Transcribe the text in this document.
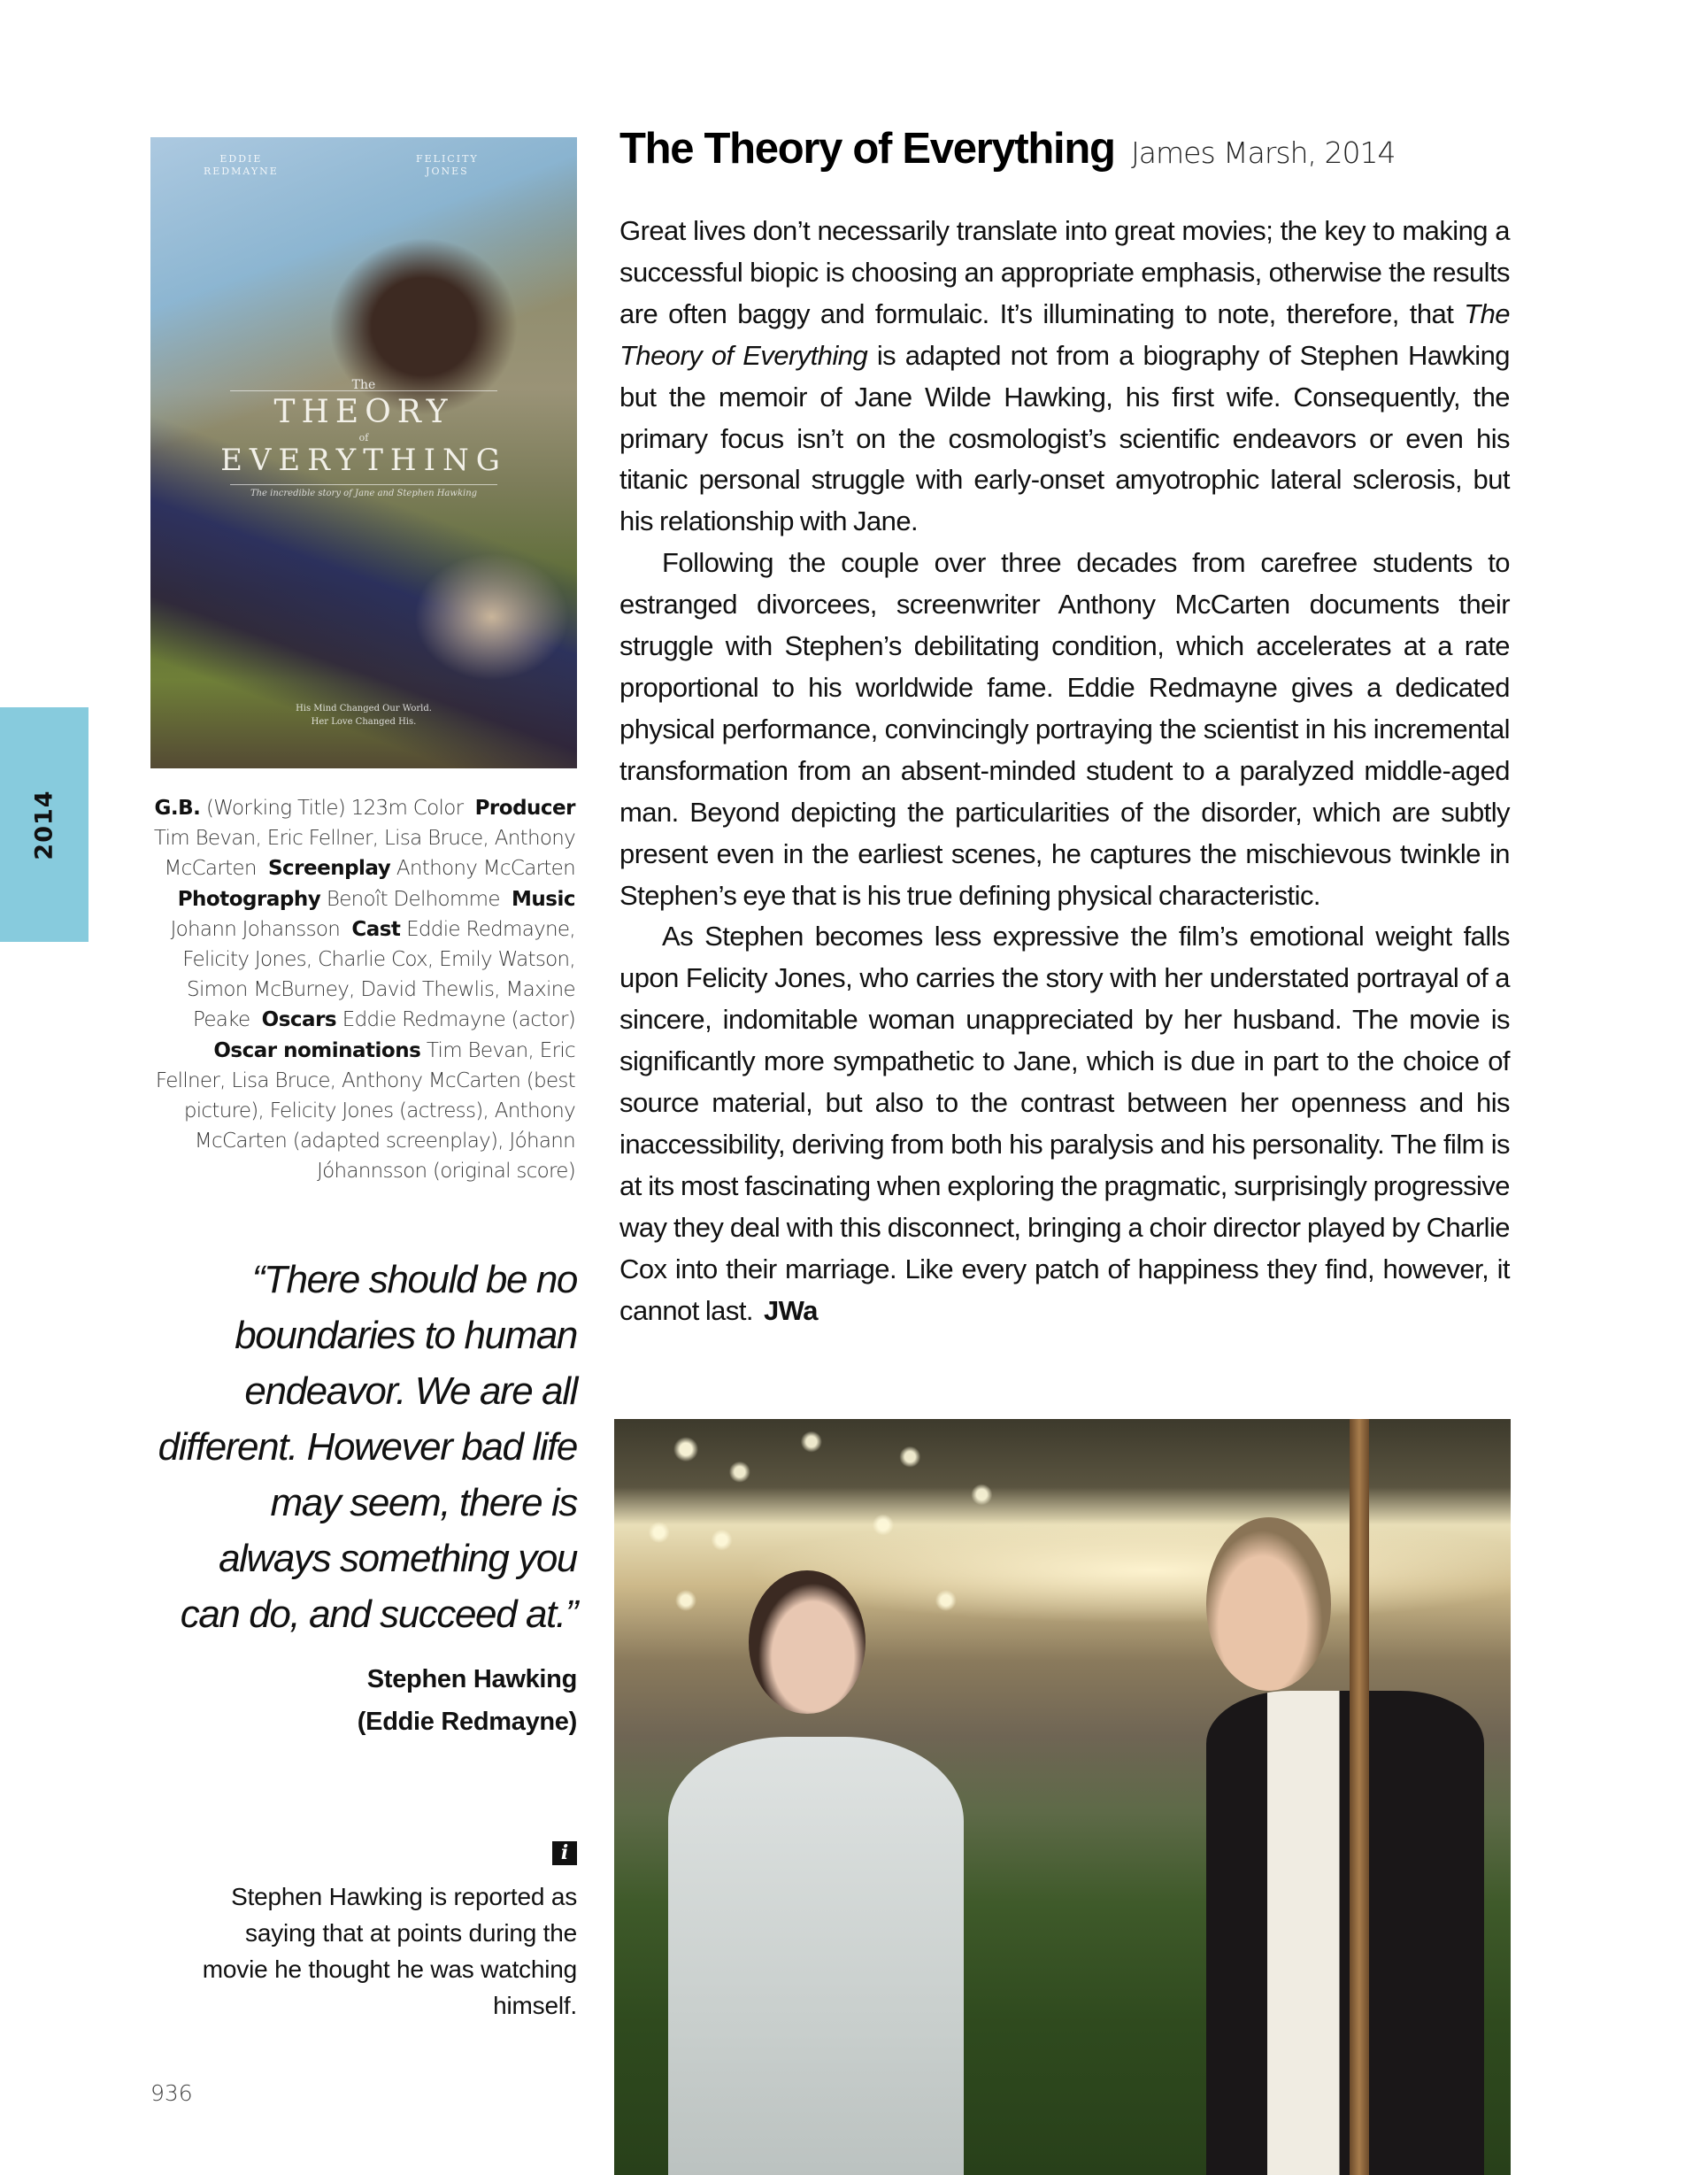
2014
EDDIE
REDMAYNE
FELICITY
JONES
The
THEORY
of
EVERYTHING
The incredible story of Jane and Stephen Hawking
His Mind Changed Our World.
Her Love Changed His.
G.B. (Working Title) 123m Color Producer Tim Bevan, Eric Fellner, Lisa Bruce, Anthony McCarten Screenplay Anthony McCarten Photography Benoît Delhomme Music Johann Johansson Cast Eddie Redmayne, Felicity Jones, Charlie Cox, Emily Watson, Simon McBurney, David Thewlis, Maxine Peake Oscars Eddie Redmayne (actor) Oscar nominations Tim Bevan, Eric Fellner, Lisa Bruce, Anthony McCarten (best picture), Felicity Jones (actress), Anthony McCarten (adapted screenplay), Jóhann Jóhannsson (original score)
“There should be no boundaries to human endeavor. We are all different. However bad life may seem, there is always something you can do, and succeed at.”
Stephen Hawking
(Eddie Redmayne)
i
Stephen Hawking is reported as saying that at points during the movie he thought he was watching himself.
936
The Theory of Everything James Marsh, 2014

Great lives don’t necessarily translate into great movies; the key to making a successful biopic is choosing an appropriate emphasis, otherwise the results are often baggy and formulaic. It’s illuminating to note, therefore, that The Theory of Everything is adapted not from a biography of Stephen Hawking but the memoir of Jane Wilde Hawking, his first wife. Consequently, the primary focus isn’t on the cosmologist’s scientific endeavors or even his titanic personal struggle with early-onset amyotrophic lateral sclerosis, but his relationship with Jane.

Following the couple over three decades from carefree students to estranged divorcees, screenwriter Anthony McCarten documents their struggle with Stephen’s debilitating condition, which accelerates at a rate proportional to his worldwide fame. Eddie Redmayne gives a dedicated physical performance, convincingly portraying the scientist in his incremental transformation from an absent-minded student to a paralyzed middle-aged man. Beyond depicting the particularities of the disorder, which are subtly present even in the earliest scenes, he captures the mischievous twinkle in Stephen’s eye that is his true defining physical characteristic.

As Stephen becomes less expressive the film’s emotional weight falls upon Felicity Jones, who carries the story with her understated portrayal of a sincere, indomitable woman unappreciated by her husband. The movie is significantly more sympathetic to Jane, which is due in part to the choice of source material, but also to the contrast between her openness and his inaccessibility, deriving from both his paralysis and his personality. The film is at its most fascinating when exploring the pragmatic, surprisingly progressive way they deal with this disconnect, bringing a choir director played by Charlie Cox into their marriage. Like every patch of happiness they find, however, it cannot last. JWa
